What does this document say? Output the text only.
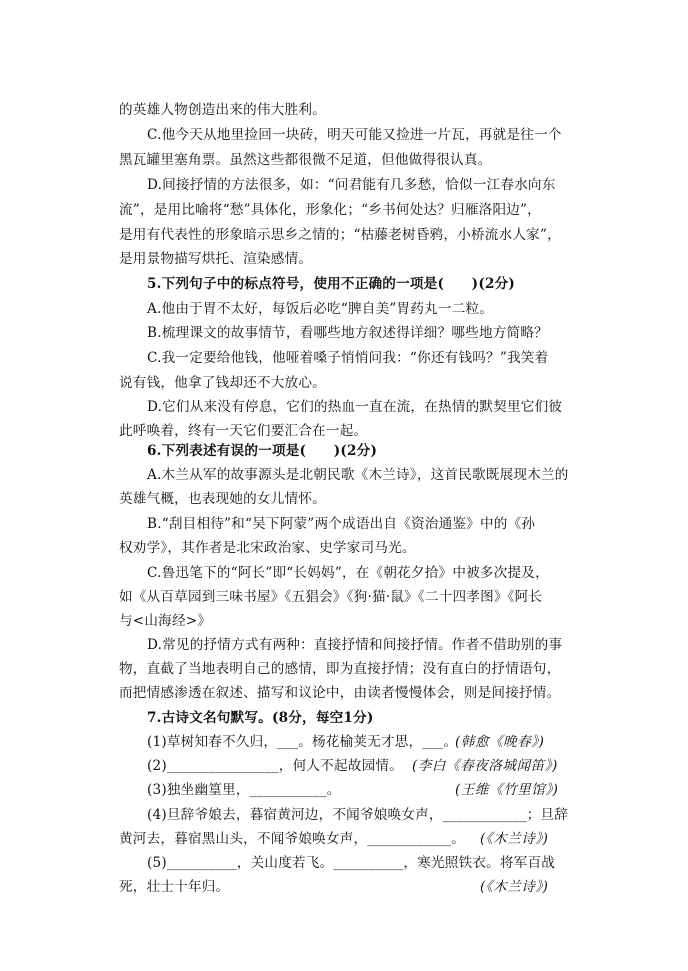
的英雄人物创造出来的伟大胜利。
C.他今天从地里捡回一块砖，明天可能又捡进一片瓦，再就是往一个
黑瓦罐里塞角票。虽然这些都很微不足道，但他做得很认真。
D.间接抒情的方法很多，如：“问君能有几多愁，恰似一江春水向东
流”，是用比喻将“愁”具体化，形象化；“乡书何处达？归雁洛阳边”，
是用有代表性的形象暗示思乡之情的；“枯藤老树昏鸦，小桥流水人家”，
是用景物描写烘托、渲染感情。
5.下列句子中的标点符号，使用不正确的一项是(　　)(2分)
A.他由于胃不太好，每饭后必吃“脾自美”胃药丸一二粒。
B.梳理课文的故事情节，看哪些地方叙述得详细？哪些地方简略？
C.我一定要给他钱，他哑着嗓子悄悄问我：“你还有钱吗？”我笑着
说有钱，他拿了钱却还不大放心。
D.它们从来没有停息，它们的热血一直在流，在热情的默契里它们彼
此呼唤着，终有一天它们要汇合在一起。
6.下列表述有误的一项是(　　)(2分)
A.木兰从军的故事源头是北朝民歌《木兰诗》，这首民歌既展现木兰的
英雄气概，也表现她的女儿情怀。
B.“刮目相待”和“吴下阿蒙”两个成语出自《资治通鉴》中的《孙
权劝学》，其作者是北宋政治家、史学家司马光。
C.鲁迅笔下的“阿长”即“长妈妈”，在《朝花夕拾》中被多次提及，
如《从百草园到三味书屋》《五猖会》《狗·猫·鼠》《二十四孝图》《阿长
与<山海经>》
D.常见的抒情方式有两种：直接抒情和间接抒情。作者不借助别的事
物，直截了当地表明自己的感情，即为直接抒情；没有直白的抒情语句，
而把情感渗透在叙述、描写和议论中，由读者慢慢体会，则是间接抒情。
7.古诗文名句默写。(8分，每空1分)
(1)草树知春不久归，___。杨花榆荚无才思，___。
(韩愈《晚春》)
(2)________________，何人不起故园情。 (李白《春夜洛城闻笛》)
(3)独坐幽篁里，___________。	(王维《竹里馆》)
(4)旦辞爷娘去，暮宿黄河边，不闻爷娘唤女声，____________；旦辞
黄河去，暮宿黑山头，不闻爷娘唤女声，____________。 (《木兰诗》)
(5)__________，关山度若飞。__________，寒光照铁衣。将军百战
死，壮士十年归。	(《木兰诗》)
